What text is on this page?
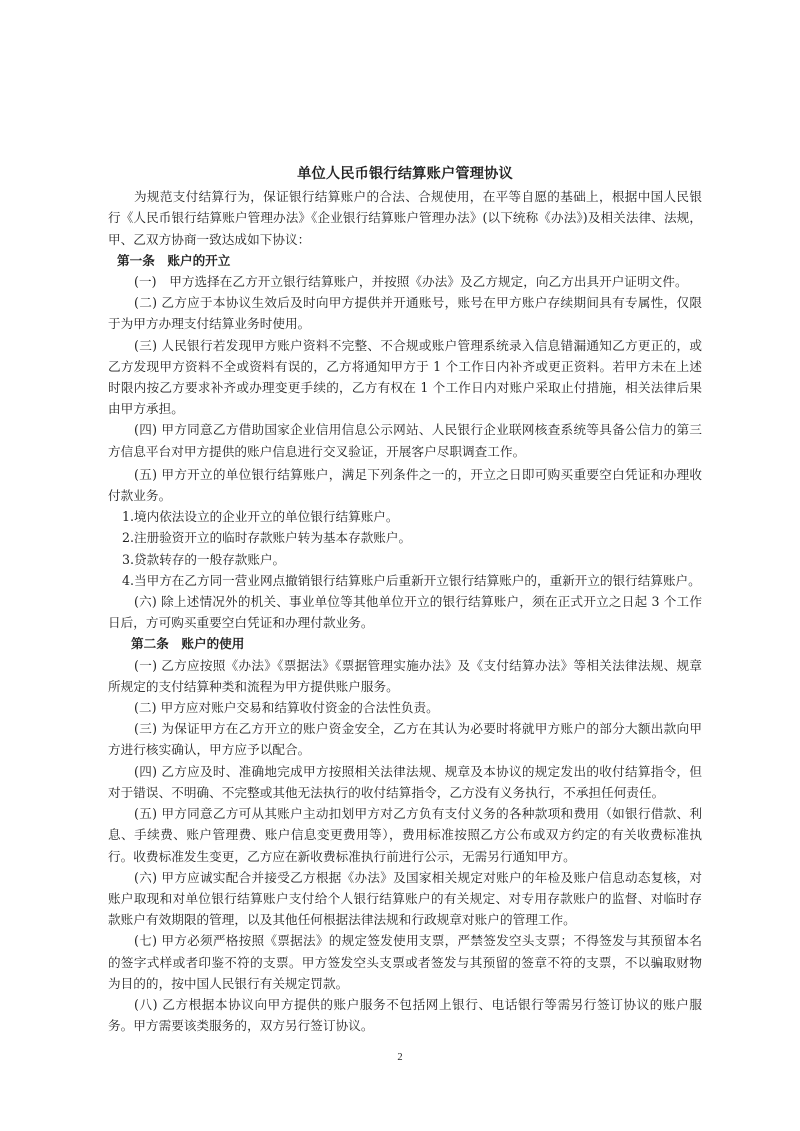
单位人民币银行结算账户管理协议

为规范支付结算行为，保证银行结算账户的合法、合规使用，在平等自愿的基础上，根据中国人民银行《人民币银行结算账户管理办法》《企业银行结算账户管理办法》(以下统称《办法》)及相关法律、法规，甲、乙双方协商一致达成如下协议：

第一条　账户的开立

(一)　甲方选择在乙方开立银行结算账户，并按照《办法》及乙方规定，向乙方出具开户证明文件。

(二) 乙方应于本协议生效后及时向甲方提供并开通账号，账号在甲方账户存续期间具有专属性，仅限于为甲方办理支付结算业务时使用。

(三) 人民银行若发现甲方账户资料不完整、不合规或账户管理系统录入信息错漏通知乙方更正的，或乙方发现甲方资料不全或资料有误的，乙方将通知甲方于 1 个工作日内补齐或更正资料。若甲方未在上述时限内按乙方要求补齐或办理变更手续的，乙方有权在 1 个工作日内对账户采取止付措施，相关法律后果由甲方承担。

(四) 甲方同意乙方借助国家企业信用信息公示网站、人民银行企业联网核查系统等具备公信力的第三方信息平台对甲方提供的账户信息进行交叉验证，开展客户尽职调查工作。

(五) 甲方开立的单位银行结算账户，满足下列条件之一的，开立之日即可购买重要空白凭证和办理收付款业务。

1.境内依法设立的企业开立的单位银行结算账户。

2.注册验资开立的临时存款账户转为基本存款账户。

3.贷款转存的一般存款账户。

4.当甲方在乙方同一营业网点撤销银行结算账户后重新开立银行结算账户的，重新开立的银行结算账户。

(六) 除上述情况外的机关、事业单位等其他单位开立的银行结算账户，须在正式开立之日起 3 个工作日后，方可购买重要空白凭证和办理付款业务。

第二条　账户的使用

(一) 乙方应按照《办法》《票据法》《票据管理实施办法》及《支付结算办法》等相关法律法规、规章所规定的支付结算种类和流程为甲方提供账户服务。

(二) 甲方应对账户交易和结算收付资金的合法性负责。

(三) 为保证甲方在乙方开立的账户资金安全，乙方在其认为必要时将就甲方账户的部分大额出款向甲方进行核实确认，甲方应予以配合。

(四) 乙方应及时、准确地完成甲方按照相关法律法规、规章及本协议的规定发出的收付结算指令，但对于错误、不明确、不完整或其他无法执行的收付结算指令，乙方没有义务执行，不承担任何责任。

(五) 甲方同意乙方可从其账户主动扣划甲方对乙方负有支付义务的各种款项和费用（如银行借款、利息、手续费、账户管理费、账户信息变更费用等），费用标准按照乙方公布或双方约定的有关收费标准执行。收费标准发生变更，乙方应在新收费标准执行前进行公示，无需另行通知甲方。

(六) 甲方应诚实配合并接受乙方根据《办法》及国家相关规定对账户的年检及账户信息动态复核，对账户取现和对单位银行结算账户支付给个人银行结算账户的有关规定、对专用存款账户的监督、对临时存款账户有效期限的管理，以及其他任何根据法律法规和行政规章对账户的管理工作。

(七) 甲方必须严格按照《票据法》的规定签发使用支票，严禁签发空头支票；不得签发与其预留本名的签字式样或者印鉴不符的支票。甲方签发空头支票或者签发与其预留的签章不符的支票，不以骗取财物为目的的，按中国人民银行有关规定罚款。

(八) 乙方根据本协议向甲方提供的账户服务不包括网上银行、电话银行等需另行签订协议的账户服务。甲方需要该类服务的，双方另行签订协议。

2
